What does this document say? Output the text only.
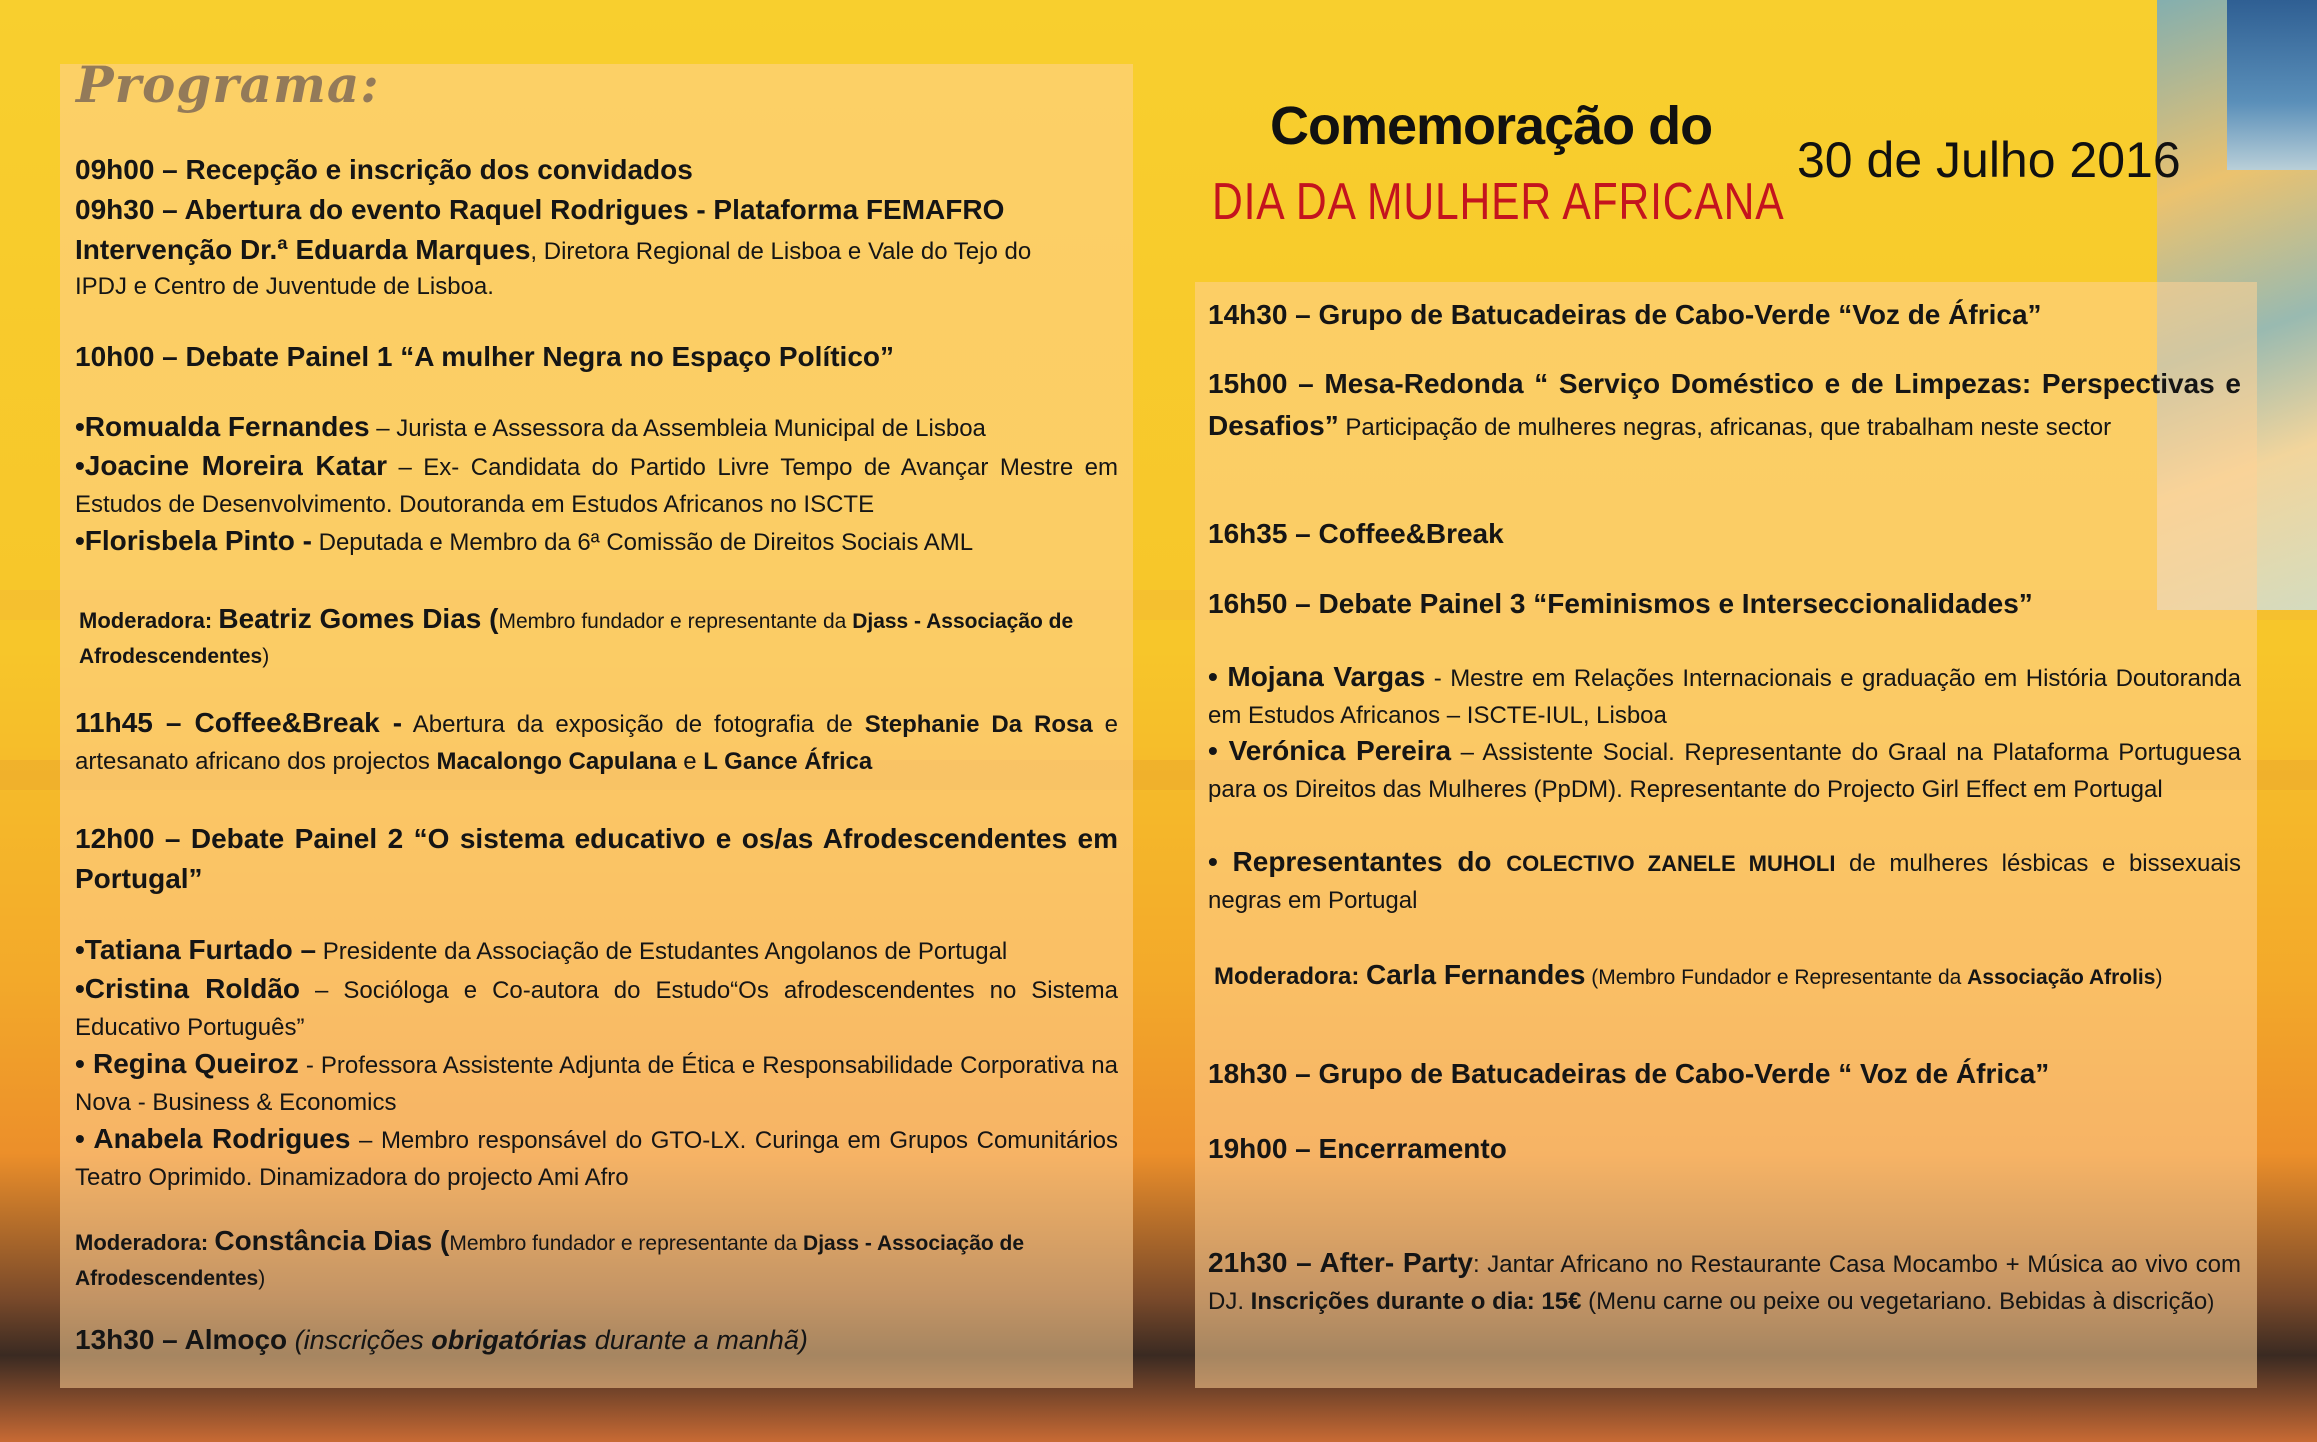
Comemoração do
DIA DA MULHER AFRICANA
30 de Julho 2016
09h00 – Recepção e inscrição dos convidados
09h30 – Abertura do evento Raquel Rodrigues - Plataforma FEMAFRO
Intervenção Dr.ª Eduarda Marques, Diretora Regional de Lisboa e Vale do Tejo do
IPDJ e Centro de Juventude de Lisboa.
10h00 – Debate Painel 1 “A mulher Negra no Espaço Político”
•Romualda Fernandes – Jurista e Assessora da Assembleia Municipal de Lisboa
•Joacine Moreira Katar – Ex- Candidata do Partido Livre Tempo de Avançar Mestre em Estudos de Desenvolvimento. Doutoranda em Estudos Africanos no ISCTE
•Florisbela Pinto - Deputada e Membro da 6ª Comissão de Direitos Sociais AML
Moderadora: Beatriz Gomes Dias (Membro fundador e representante da Djass - Associação de Afrodescendentes)
11h45 – Coffee&Break - Abertura da exposição de fotografia de Stephanie Da Rosa e artesanato africano dos projectos Macalongo Capulana e L Gance África
12h00 – Debate Painel 2 “O sistema educativo e os/as Afrodescendentes em Portugal”
•Tatiana Furtado – Presidente da Associação de Estudantes Angolanos de Portugal
•Cristina Roldão – Socióloga e Co-autora do Estudo“Os afrodescendentes no Sistema Educativo Português”
• Regina Queiroz - Professora Assistente Adjunta de Ética e Responsabilidade Corporativa na Nova - Business & Economics
• Anabela Rodrigues – Membro responsável do GTO-LX. Curinga em Grupos Comunitários Teatro Oprimido. Dinamizadora do projecto Ami Afro
Moderadora: Constância Dias (Membro fundador e representante da Djass - Associação de Afrodescendentes)
13h30 – Almoço (inscrições obrigatórias durante a manhã)
14h30 – Grupo de Batucadeiras de Cabo-Verde “Voz de África”
15h00 – Mesa-Redonda “ Serviço Doméstico e de Limpezas: Perspectivas e Desafios” Participação de mulheres negras, africanas, que trabalham neste sector
16h35 – Coffee&Break
16h50 – Debate Painel 3 “Feminismos e Interseccionalidades”
• Mojana Vargas - Mestre em Relações Internacionais e graduação em História Doutoranda em Estudos Africanos – ISCTE-IUL, Lisboa
• Verónica Pereira – Assistente Social. Representante do Graal na Plataforma Portuguesa para os Direitos das Mulheres (PpDM). Representante do Projecto Girl Effect em Portugal
• Representantes do COLECTIVO ZANELE MUHOLI de mulheres lésbicas e bissexuais negras em Portugal
Moderadora: Carla Fernandes (Membro Fundador e Representante da Associação Afrolis)
18h30 – Grupo de Batucadeiras de Cabo-Verde “ Voz de África”
19h00 – Encerramento
21h30 – After- Party: Jantar Africano no Restaurante Casa Mocambo + Música ao vivo com DJ. Inscrições durante o dia: 15€ (Menu carne ou peixe ou vegetariano. Bebidas à discrição)
